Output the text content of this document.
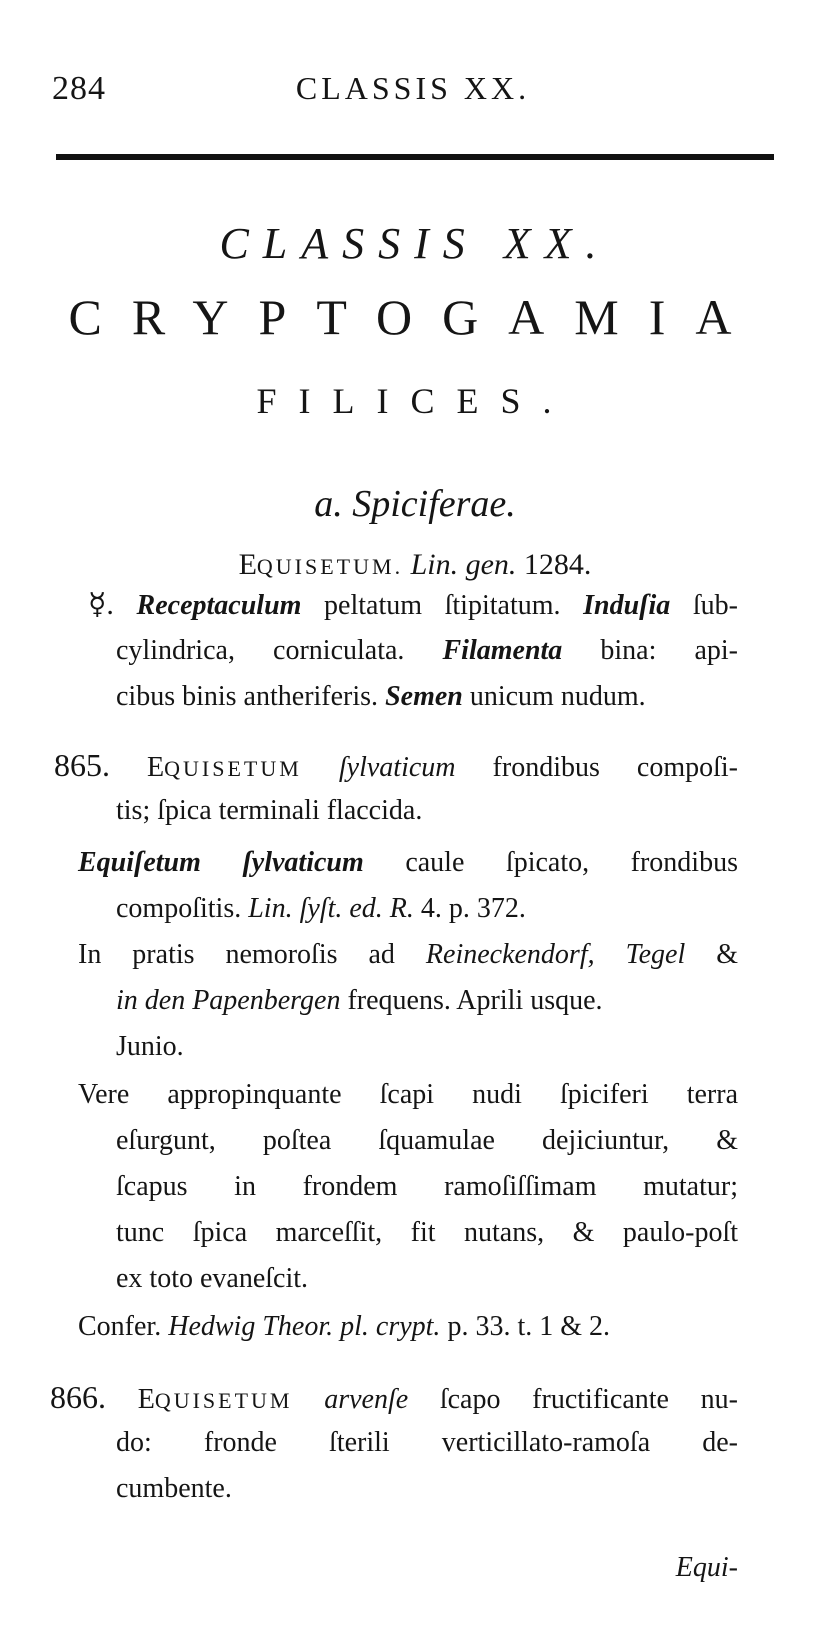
284	CLASSIS XX.
CLASSIS XX.
CRYPTOGAMIA
FILICES.
a. Spiciferae.
EQUISETUM. Lin. gen. 1284.
☿. Receptaculum peltatum ſtipitatum. Induſia ſub-
cylindrica, corniculata. Filamenta bina: api-
cibus binis antheriferis. Semen unicum nudum.
865. EQUISETUM ſylvaticum frondibus compoſi-
tis; ſpica terminali flaccida.
Equiſetum ſylvaticum caule ſpicato, frondibus
compoſitis. Lin. ſyſt. ed. R. 4. p. 372.
In pratis nemoroſis ad Reineckendorf, Tegel &
in den Papenbergen frequens. Aprili usque.
Junio.
Vere appropinquante ſcapi nudi ſpiciferi terra
eſurgunt, poſtea ſquamulae dejiciuntur, &
ſcapus in frondem ramoſiſſimam mutatur;
tunc ſpica marceſſit, fit nutans, & paulo-poſt
ex toto evaneſcit.
Confer. Hedwig Theor. pl. crypt. p. 33. t. 1 & 2.
866. EQUISETUM arvenſe ſcapo fructificante nu-
do: fronde ſterili verticillato-ramoſa de-
cumbente.
Equi-
